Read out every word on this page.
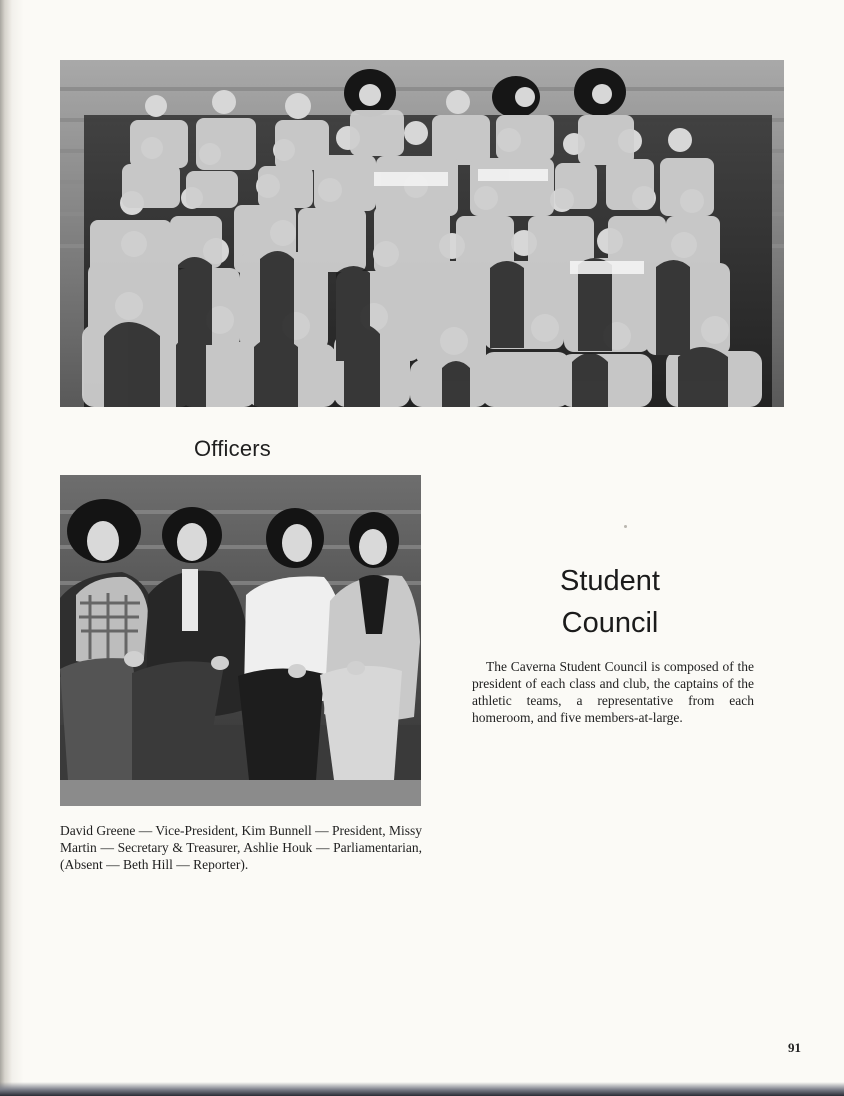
Officers
Student
Council
The Caverna Student Council is composed of the president of each class and club, the captains of the athletic teams, a representative from each homeroom, and five members-at-large.
David Greene — Vice-President, Kim Bunnell — President, Missy Martin — Secretary & Treasurer, Ashlie Houk — Parliamentarian, (Absent — Beth Hill — Reporter).
91
